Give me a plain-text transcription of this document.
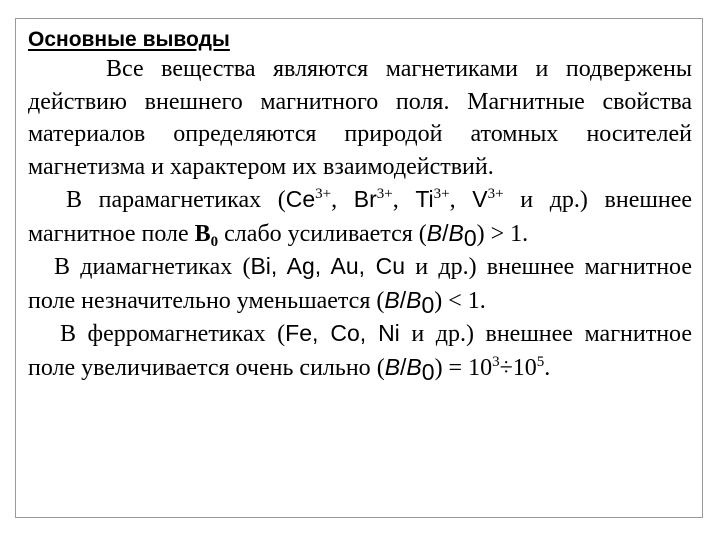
Основные выводы

Все вещества являются магнетиками и подвержены действию внешнего магнитного поля. Магнитные свойства материалов определяются природой атомных носителей магнетизма и характером их взаимодействий.

В парамагнетиках ($Ce^{3+}$, $Br^{3+}$, $Ti^{3+}$, $V^{3+}$ и др.) внешнее магнитное поле $B_0$ слабо усиливается $(B/B_0) > 1$.

В диамагнетиках (Bi, Ag, Au, Cu и др.) внешнее магнитное поле незначительно уменьшается $(B/B_0) < 1$.

В ферромагнетиках (Fe, Co, Ni и др.) внешнее магнитное поле увеличивается очень сильно $(B/B_0) = 10^3\div 10^5$.
